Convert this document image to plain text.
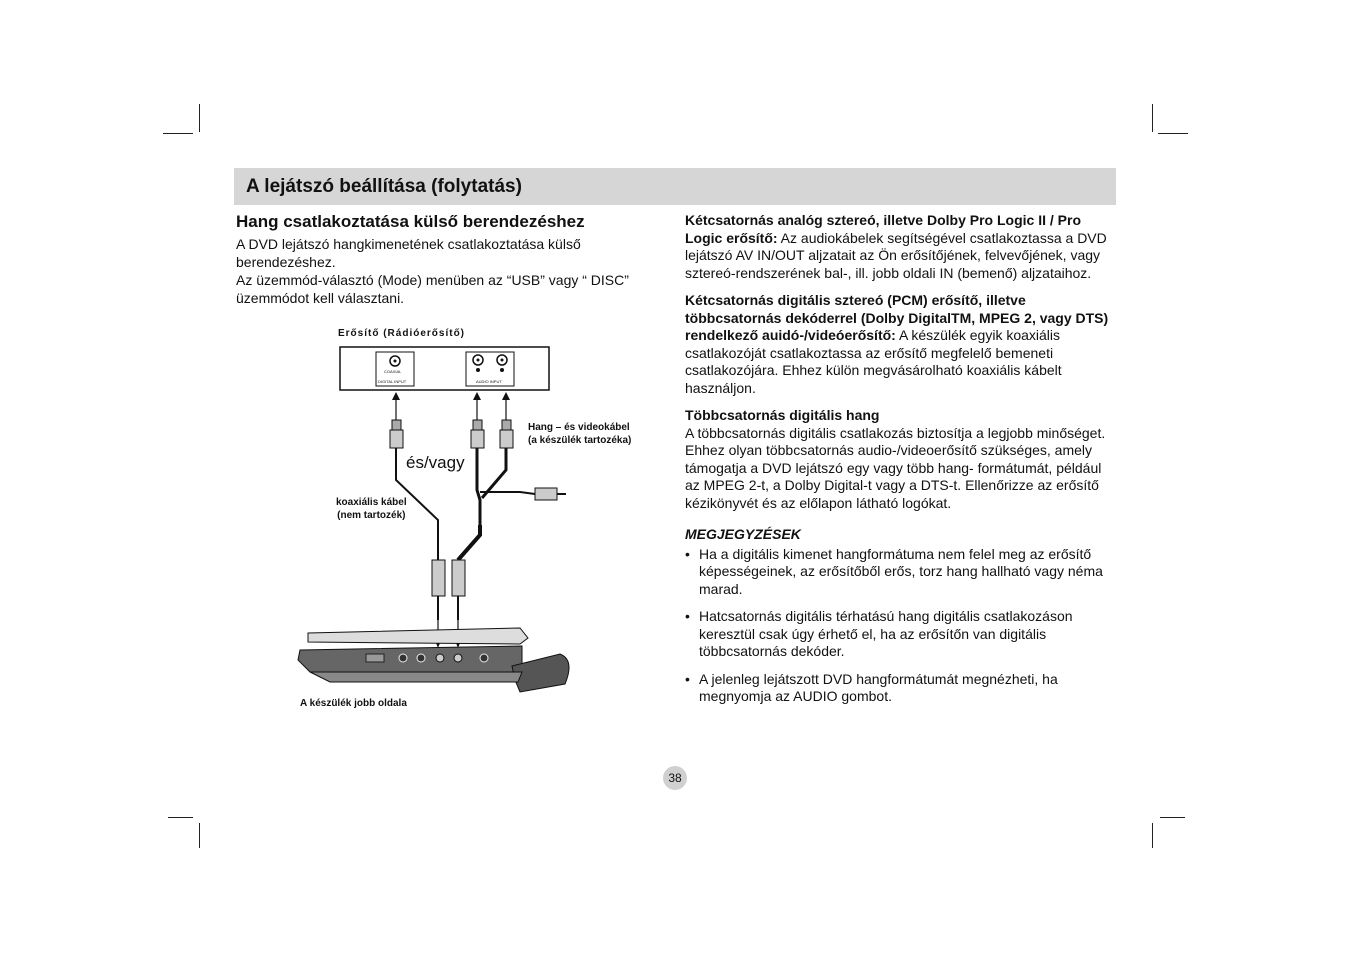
A lejátszó beállítása (folytatás)
Hang csatlakoztatása külső berendezéshez

A DVD lejátszó hangkimenetének csatlakoztatása külső berendezéshez.

Az üzemmód-választó (Mode) menüben az “USB” vagy “ DISC” üzemmódot kell választani.

Erősítő (Rádióerősítő)
COAXIAL
DIGITAL INPUT	AUDIO INPUT
Hang – és videokábel
(a készülék tartozéka)
és/vagy
koaxiális kábel
(nem tartozék)
A készülék jobb oldala

Kétcsatornás analóg sztereó, illetve Dolby Pro Logic II / Pro Logic erősítő: Az audiokábelek segítségével csatlakoztassa a DVD lejátszó AV IN/OUT aljzatait az Ön erősítőjének, felvevőjének, vagy sztereó-rendszerének bal-, ill. jobb oldali IN (bemenő) aljzataihoz.

Kétcsatornás digitális sztereó (PCM) erősítő, illetve többcsatornás dekóderrel (Dolby DigitalTM, MPEG 2, vagy DTS) rendelkező auidó-/videóerősítő: A készülék egyik koaxiális csatlakozóját csatlakoztassa az erősítő megfelelő bemeneti csatlakozójára. Ehhez külön megvásárolható koaxiális kábelt használjon.

Többcsatornás digitális hang
A többcsatornás digitális csatlakozás biztosítja a legjobb minőséget. Ehhez olyan többcsatornás audio-/videoerősítő szükséges, amely támogatja a DVD lejátszó egy vagy több hang- formátumát, például az MPEG 2-t, a Dolby Digital-t vagy a DTS-t. Ellenőrizze az erősítő kézikönyvét és az előlapon látható logókat.

MEGJEGYZÉSEK
• Ha a digitális kimenet hangformátuma nem felel meg az erősítő képességeinek, az erősítőből erős, torz hang hallható vagy néma marad.
• Hatcsatornás digitális térhatású hang digitális csatlakozáson keresztül csak úgy érhető el, ha az erősítőn van digitális többcsatornás dekóder.
• A jelenleg lejátszott DVD hangformátumát megnézheti, ha megnyomja az AUDIO gombot.
38
